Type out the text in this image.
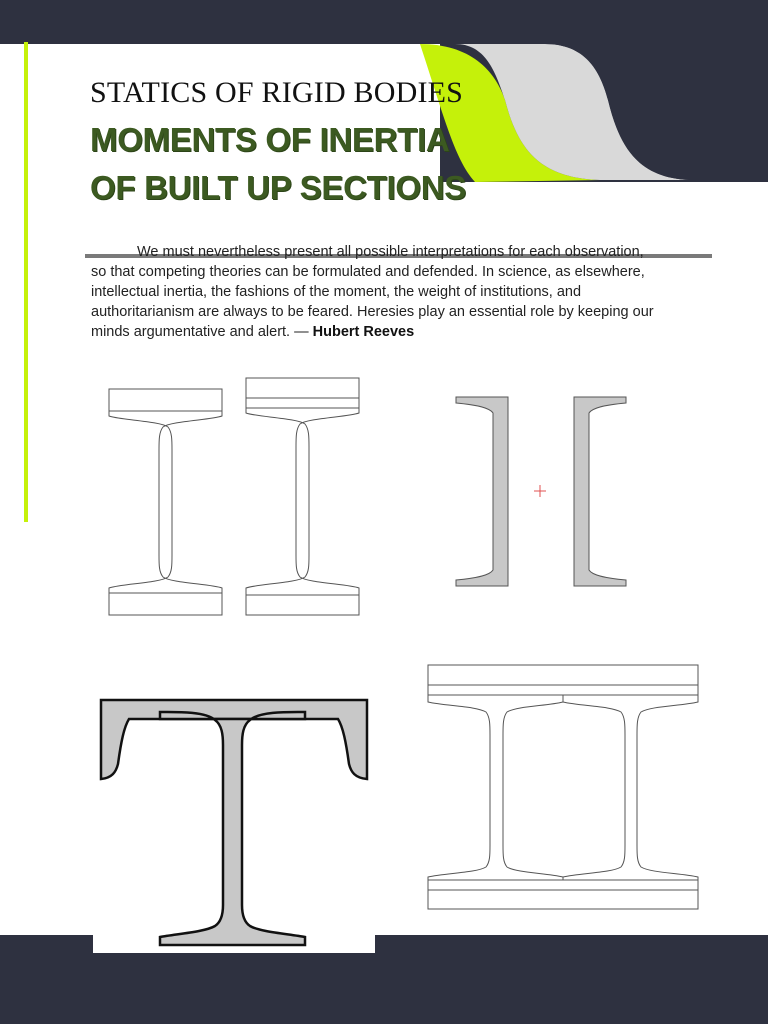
STATICS OF RIGID BODIES
MOMENTS OF INERTIA
OF BUILT UP SECTIONS
We must nevertheless present all possible interpretations for each observation,
so that competing theories can be formulated and defended. In science, as elsewhere,
intellectual inertia, the fashions of the moment, the weight of institutions, and
authoritarianism are always to be feared. Heresies play an essential role by keeping our
minds argumentative and alert. — Hubert Reeves
